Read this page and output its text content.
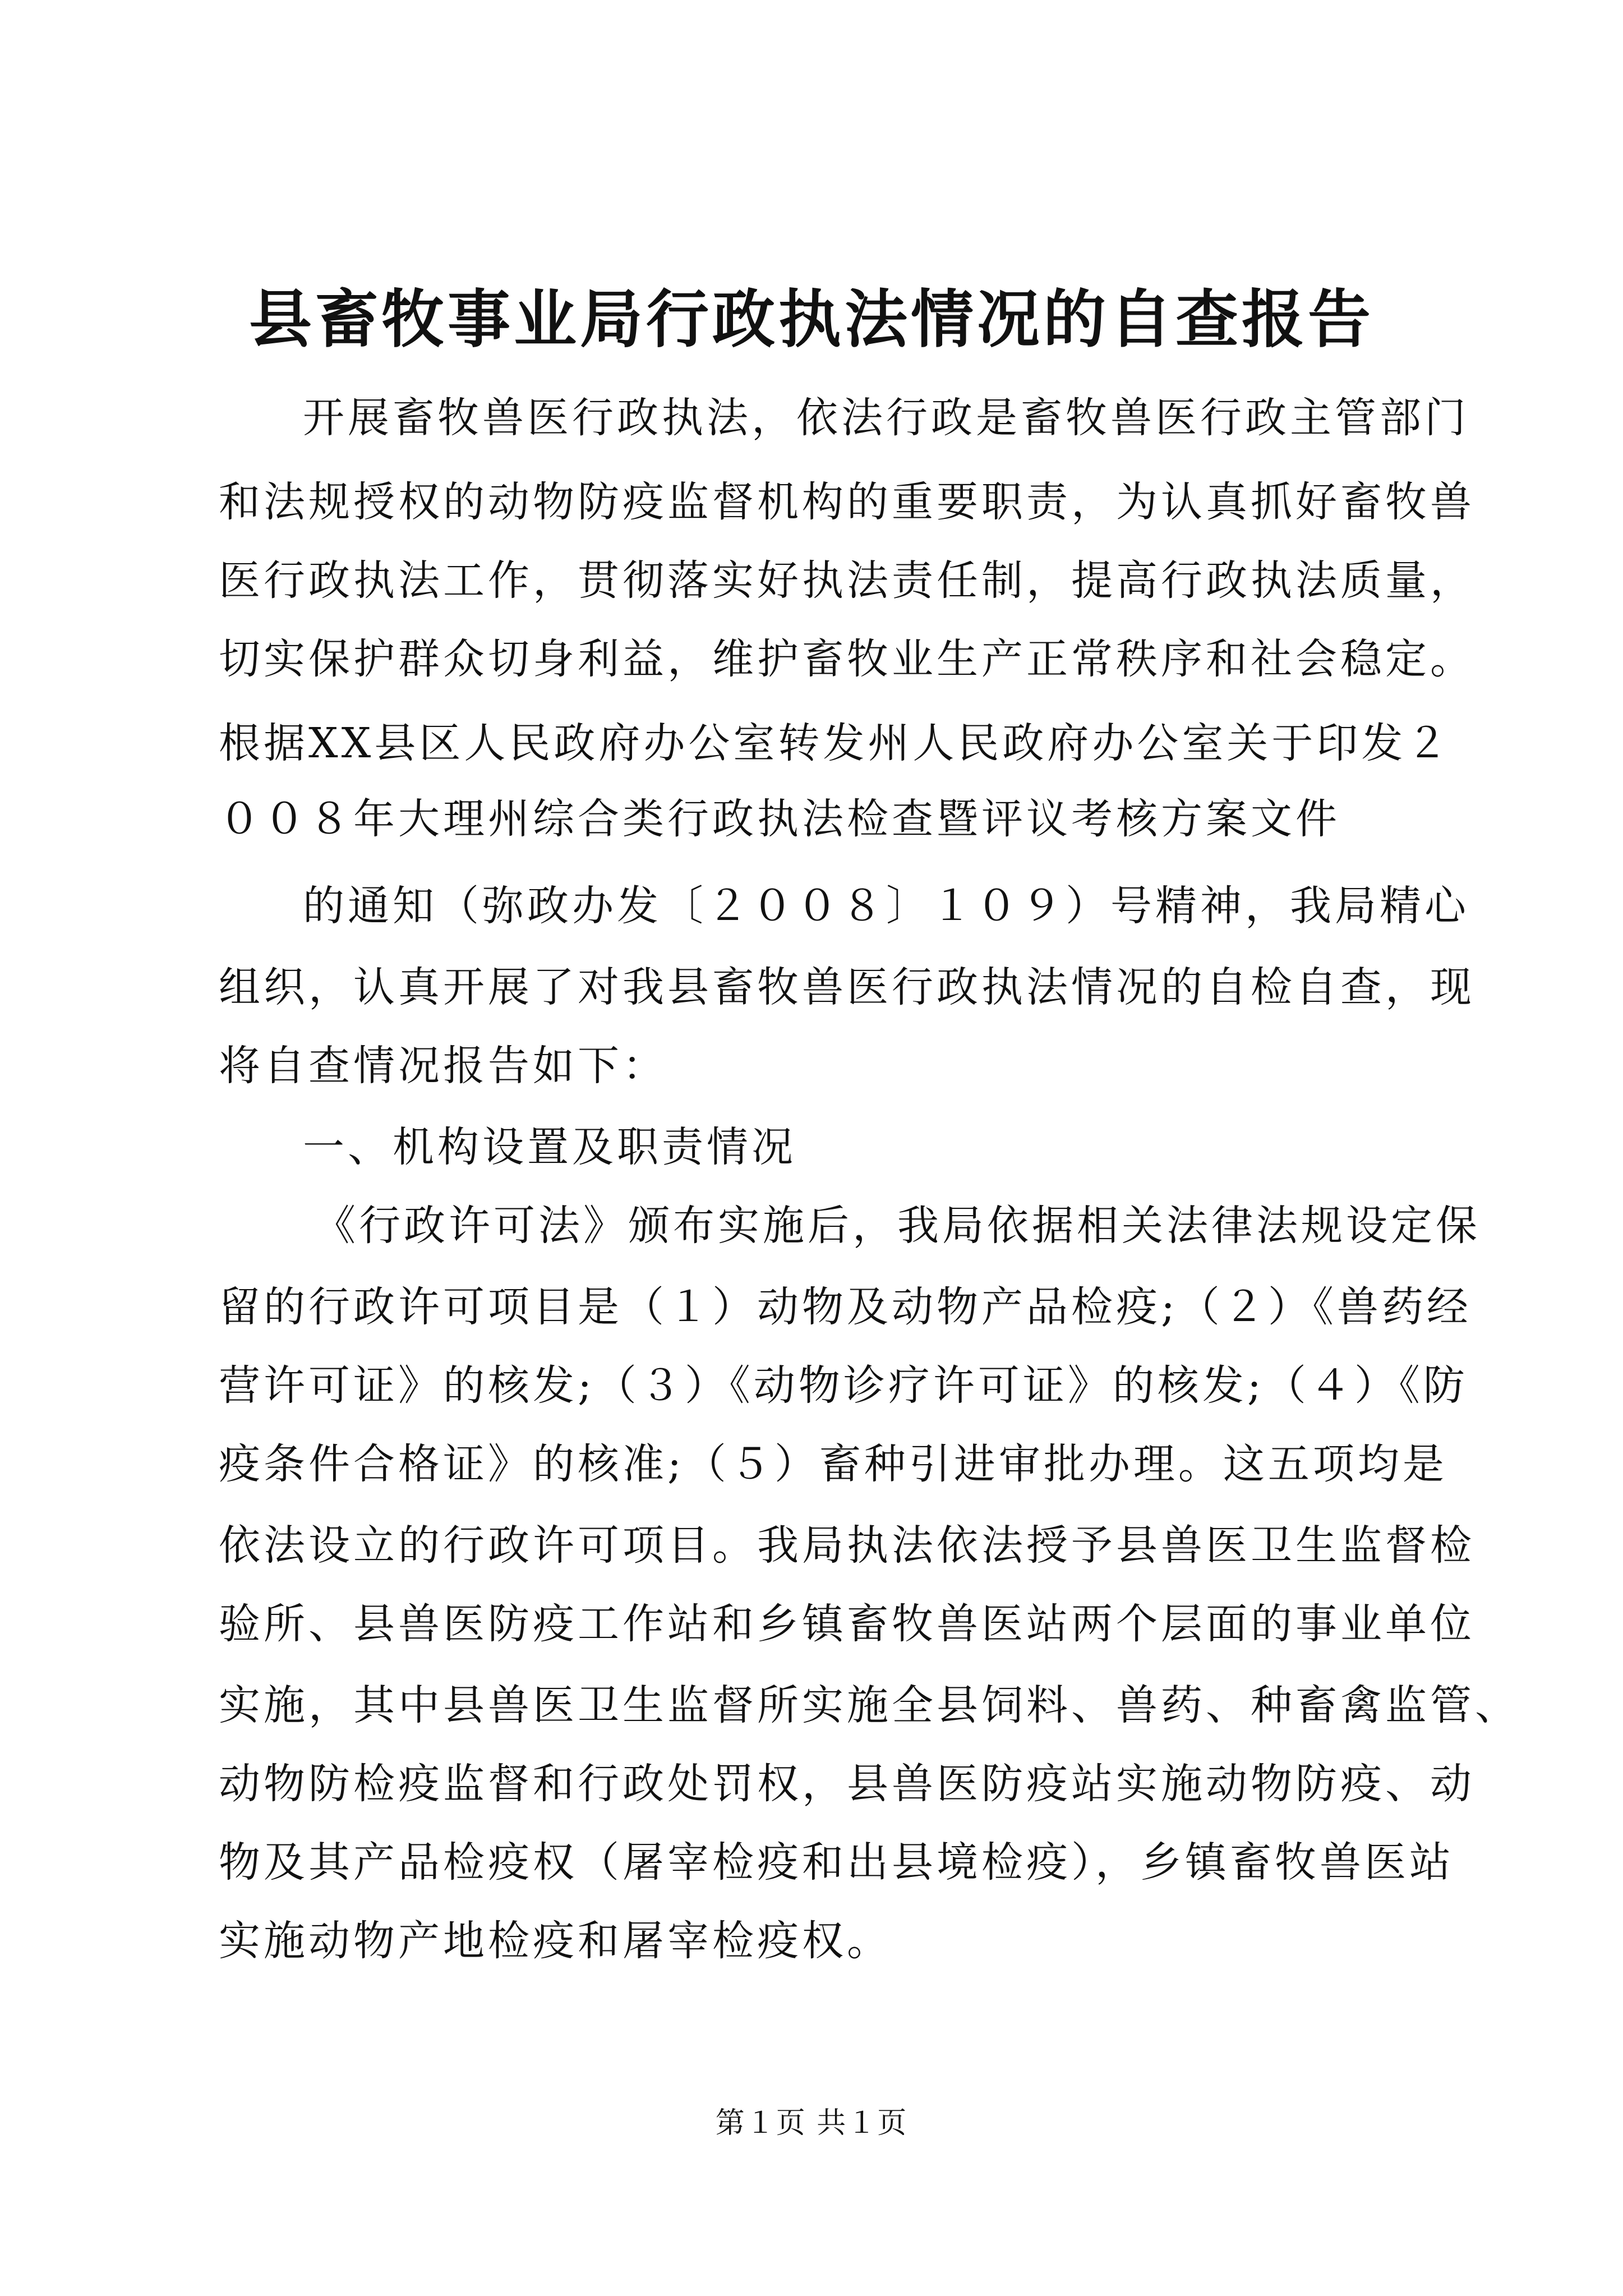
县畜牧事业局行政执法情况的自查报告
开展畜牧兽医行政执法，依法行政是畜牧兽医行政主管部门
和法规授权的动物防疫监督机构的重要职责，为认真抓好畜牧兽
医行政执法工作，贯彻落实好执法责任制，提高行政执法质量，
切实保护群众切身利益，维护畜牧业生产正常秩序和社会稳定。
根据XX县区人民政府办公室转发州人民政府办公室关于印发２
００８年大理州综合类行政执法检查暨评议考核方案文件
的通知（弥政办发〔２００８〕１０９）号精神，我局精心
组织，认真开展了对我县畜牧兽医行政执法情况的自检自查，现
将自查情况报告如下：
一、机构设置及职责情况
《行政许可法》颁布实施后，我局依据相关法律法规设定保
留的行政许可项目是（１）动物及动物产品检疫;（２）《兽药经
营许可证》的核发;（３）《动物诊疗许可证》的核发;（４）《防
疫条件合格证》的核准;（５）畜种引进审批办理。这五项均是
依法设立的行政许可项目。我局执法依法授予县兽医卫生监督检
验所、县兽医防疫工作站和乡镇畜牧兽医站两个层面的事业单位
实施，其中县兽医卫生监督所实施全县饲料、兽药、种畜禽监管、
动物防检疫监督和行政处罚权，县兽医防疫站实施动物防疫、动
物及其产品检疫权（屠宰检疫和出县境检疫），乡镇畜牧兽医站
实施动物产地检疫和屠宰检疫权。
第１页 共１页
